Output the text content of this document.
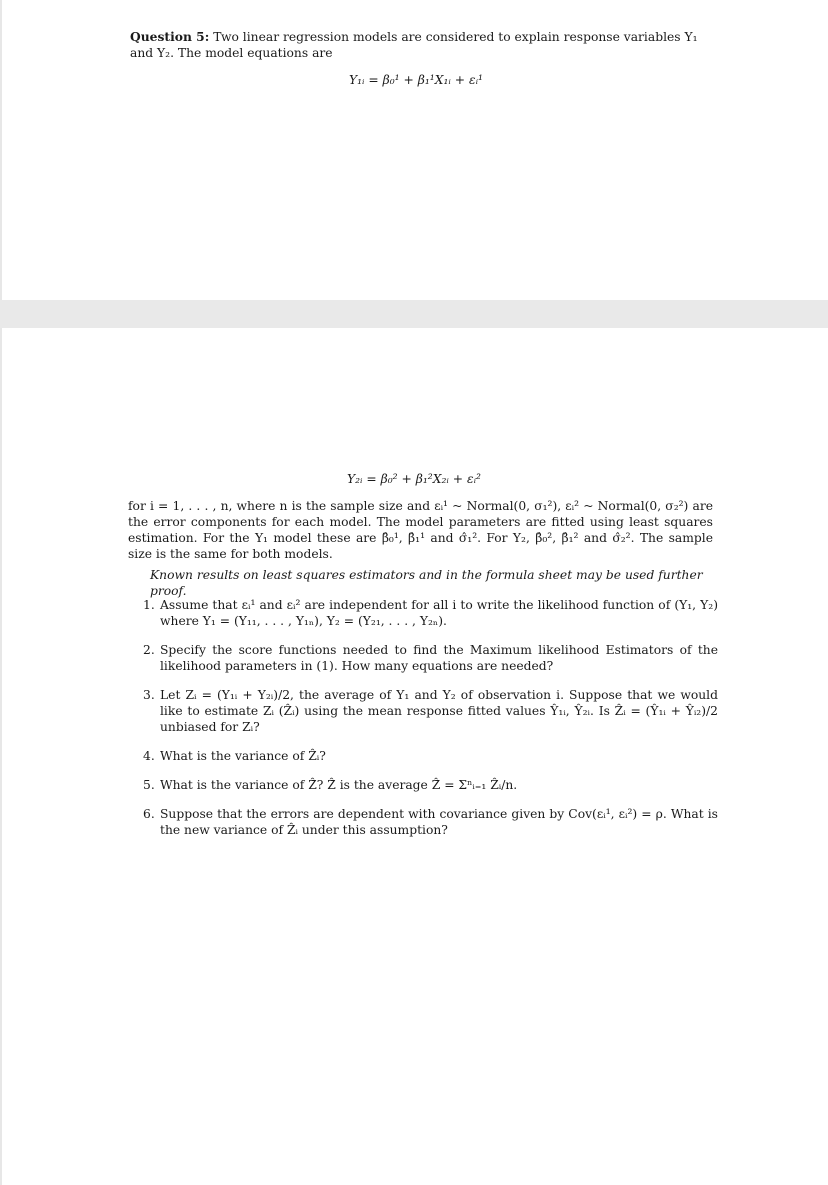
Question 5: Two linear regression models are considered to explain response variables Y₁ and Y₂. The model equations are
Y₁ᵢ = β₀¹ + β₁¹X₁ᵢ + εᵢ¹
Y₂ᵢ = β₀² + β₁²X₂ᵢ + εᵢ²
for i = 1, . . . , n, where n is the sample size and εᵢ¹ ~ Normal(0, σ₁²), εᵢ² ~ Normal(0, σ₂²) are the error components for each model. The model parameters are fitted using least squares estimation. For the Y₁ model these are β̂₀¹, β̂₁¹ and σ̂₁². For Y₂, β̂₀², β̂₁² and σ̂₂². The sample size is the same for both models.
Known results on least squares estimators and in the formula sheet may be used further proof.
1. Assume that εᵢ¹ and εᵢ² are independent for all i to write the likelihood function of (Y₁, Y₂) where Y₁ = (Y₁₁, . . . , Y₁ₙ), Y₂ = (Y₂₁, . . . , Y₂ₙ).
2. Specify the score functions needed to find the Maximum likelihood Estimators of the likelihood parameters in (1). How many equations are needed?
3. Let Zᵢ = (Y₁ᵢ + Y₂ᵢ)/2, the average of Y₁ and Y₂ of observation i. Suppose that we would like to estimate Zᵢ (Ẑᵢ) using the mean response fitted values Ŷ₁ᵢ, Ŷ₂ᵢ. Is Ẑᵢ = (Ŷ₁ᵢ + Ŷᵢ₂)/2 unbiased for Zᵢ?
4. What is the variance of Ẑᵢ?
5. What is the variance of Ẑ̄? Ẑ̄ is the average Ẑ̄ = Σⁿᵢ₌₁ Ẑᵢ/n.
6. Suppose that the errors are dependent with covariance given by Cov(εᵢ¹, εᵢ²) = ρ. What is the new variance of Ẑᵢ under this assumption?
